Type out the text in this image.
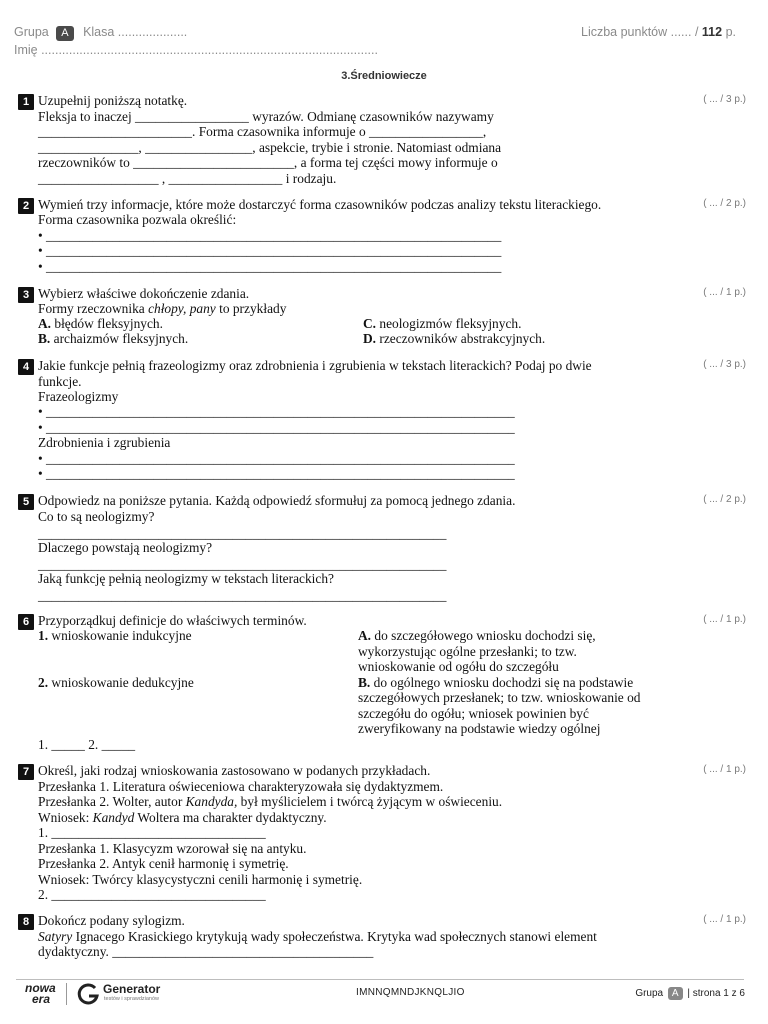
Grupa A Klasa ....................
Imię .................................................................................................
Liczba punktów ...... / 112 p.
3.Średniowiecze
1	( ... / 3 p.)
Uzupełnij poniższą notatkę.
Fleksja to inaczej _________________ wyrazów. Odmianę czasowników nazywamy
_______________________. Forma czasownika informuje o _________________,
_______________, ________________, aspekcie, trybie i stronie. Natomiast odmiana
rzeczowników to ________________________, a forma tej części mowy informuje o
__________________ , _________________ i rodzaju.
2	( ... / 2 p.)
Wymień trzy informacje, które może dostarczyć forma czasowników podczas analizy tekstu literackiego.
Forma czasownika pozwala określić:
• ____________________________________________________________________
• ____________________________________________________________________
• ____________________________________________________________________
3	( ... / 1 p.)
Wybierz właściwe dokończenie zdania.
Formy rzeczownika chłopy, pany to przykłady
A. błędów fleksyjnych.
B. archaizmów fleksyjnych.
C. neologizmów fleksyjnych.
D. rzeczowników abstrakcyjnych.
4	( ... / 3 p.)
Jakie funkcje pełnią frazeologizmy oraz zdrobnienia i zgrubienia w tekstach literackich? Podaj po dwie
funkcje.
Frazeologizmy
• ______________________________________________________________________
• ______________________________________________________________________
Zdrobnienia i zgrubienia
• ______________________________________________________________________
• ______________________________________________________________________
5	( ... / 2 p.)
Odpowiedz na poniższe pytania. Każdą odpowiedź sformułuj za pomocą jednego zdania.
Co to są neologizmy?
_____________________________________________________________
Dlaczego powstają neologizmy?
_____________________________________________________________
Jaką funkcję pełnią neologizmy w tekstach literackich?
_____________________________________________________________
6	( ... / 1 p.)
Przyporządkuj definicje do właściwych terminów.
1. wnioskowanie indukcyjne
2. wnioskowanie dedukcyjne
A. do szczegółowego wniosku dochodzi się,
wykorzystując ogólne przesłanki; to tzw.
wnioskowanie od ogółu do szczegółu
B. do ogólnego wniosku dochodzi się na podstawie
szczegółowych przesłanek; to tzw. wnioskowanie od
szczegółu do ogółu; wniosek powinien być
zweryfikowany na podstawie wiedzy ogólnej
1. _____ 2. _____
7	( ... / 1 p.)
Określ, jaki rodzaj wnioskowania zastosowano w podanych przykładach.
Przesłanka 1. Literatura oświeceniowa charakteryzowała się dydaktyzmem.
Przesłanka 2. Wolter, autor Kandyda, był myślicielem i twórcą żyjącym w oświeceniu.
Wniosek: Kandyd Woltera ma charakter dydaktyczny.
1. ________________________________
Przesłanka 1. Klasycyzm wzorował się na antyku.
Przesłanka 2. Antyk cenił harmonię i symetrię.
Wniosek: Twórcy klasycystyczni cenili harmonię i symetrię.
2. ________________________________
8	( ... / 1 p.)
Dokończ podany sylogizm.
Satyry Ignacego Krasickiego krytykują wady społeczeństwa. Krytyka wad społecznych stanowi element
dydaktyczny. _______________________________________
nowa
era
Generator
testów i sprawdzianów
IMNNQMNDJKNQLJIO	Grupa A | strona 1 z 6
